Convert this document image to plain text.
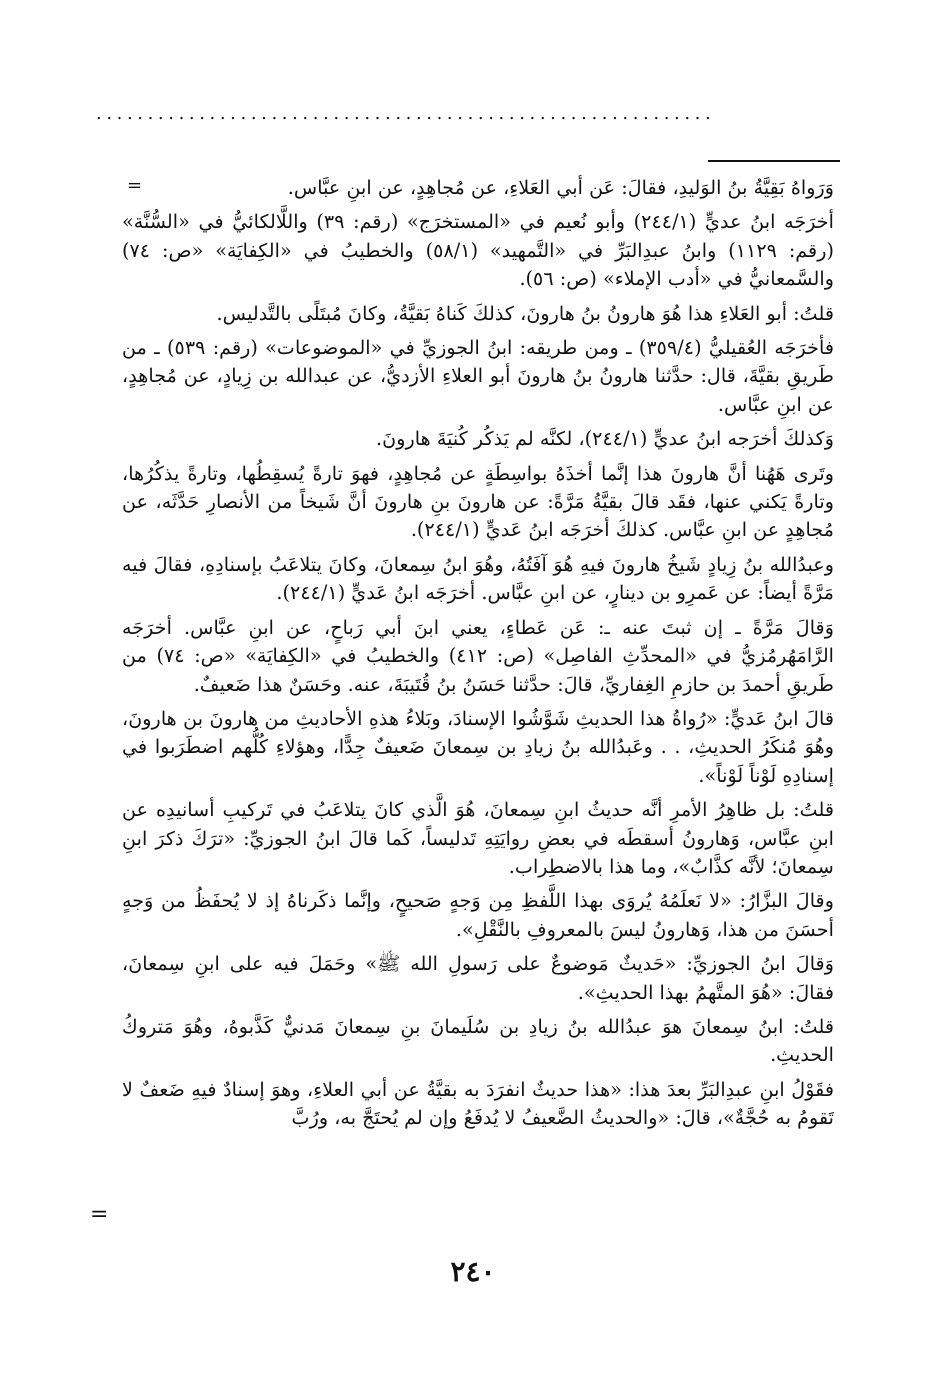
............................................................
=	وَرَواهُ بَقِيَّةُ بنُ الوَليدِ، فقالَ: عَن أبي العَلاءِ، عن مُجاهِدٍ، عن ابنِ عبَّاس.

أخرَجَه ابنُ عديٍّ (٢٤٤/١) وأبو نُعيم في «المستخرَج» (رقم: ٣٩) واللَّالكائيُّ في «السُّنَّة» (رقم: ١١٢٩) وابنُ عبدِالبَرِّ في «التَّمهيد» (٥٨/١) والخطيبُ في «الكِفايَة» «ص: ٧٤) والسَّمعانيُّ في «أدب الإملاء» (ص: ٥٦).

قلتُ: أبو العَلاءِ هذا هُوَ هارونُ بنُ هارونَ، كذلكَ كَناهُ بَقيَّةُ، وكانَ مُبتَلًى بالتَّدليس.

فأخرَجَه العُقيليُّ (٣٥٩/٤) ـ ومن طريقه: ابنُ الجوزيِّ في «الموضوعات» (رقم: ٥٣٩) ـ من طَريقِ بقيَّةَ، قال: حدَّثنا هارونُ بنُ هارونَ أبو العلاءِ الأزديُّ، عن عبدالله بن زِيادٍ، عن مُجاهِدٍ، عن ابنِ عبَّاس.

وَكذلكَ أخرَجه ابنُ عديٍّ (٢٤٤/١)، لكنَّه لم يَذكُر كُنيَةَ هارونَ.

وتَرى هَهُنا أنَّ هارونَ هذا إنَّما أخذَهُ بواسِطَةٍ عن مُجاهِدٍ، فهوَ تارةً يُسقِطُها، وتارةً يذكُرُها، وتارةً يَكني عنها، فقَد قالَ بقيَّةُ مَرَّةً: عن هارونَ بنِ هارونَ أنَّ شَيخاً من الأنصارِ حَدَّثَه، عن مُجاهِدٍ عن ابنِ عبَّاس. كذلكَ أخرَجَه ابنُ عَديٍّ (٢٤٤/١).

وعبدُالله بنُ زِيادٍ شَيخُ هارونَ فيهِ هُوَ آفَتُهُ، وهُوَ ابنُ سِمعانَ، وكانَ يتلاعَبُ بإسنادِهِ، فقالَ فيه مَرَّةً أيضاً: عن عَمرِو بن دينارٍ، عن ابنِ عبَّاس. أخرَجَه ابنُ عَديٍّ (٢٤٤/١).

وَقالَ مَرَّةً ـ إن ثبتَ عنه ـ: عَن عَطاءٍ، يعني ابنَ أبي رَباحٍ، عن ابنِ عبَّاس. أخرَجَه الرَّامَهُرمُزيُّ في «المحدِّثِ الفاصِل» (ص: ٤١٢) والخطيبُ في «الكِفايَة» «ص: ٧٤) من طَريقِ أحمدَ بن حازمِ الغِفاريِّ، قالَ: حدَّثنا حَسَنُ بنُ قُتَيبَةَ، عنه. وحَسَنٌ هذا ضَعيفٌ.

قالَ ابنُ عَديٍّ: «رُواةُ هذا الحديثِ شَوَّشُوا الإسنادَ، وبَلاءُ هذهِ الأحاديثِ من هارونَ بن هارونَ، وهُوَ مُنكَرُ الحديثِ، . . وعَبدُالله بنُ زيادِ بن سِمعانَ ضَعيفٌ جِدًّا، وهؤلاءِ كُلُّهم اضطَرَبوا في إسنادِهِ لَوْناً لَوْناً».

قلتُ: بل ظاهِرُ الأمرِ أنَّه حديثُ ابنِ سِمعانَ، هُوَ الَّذي كانَ يتلاعَبُ في تَركيبِ أسانيدِه عن ابنِ عبَّاس، وَهارونُ أسقطَه في بعضِ روايَتِهِ تَدليساً، كَما قالَ ابنُ الجوزيِّ: «ترَكَ ذكرَ ابنِ سِمعانَ؛ لأنَّه كذَّابٌ»، وما هذا بالاضطِراب.

وقالَ البزَّارُ: «لا نَعلَمُهُ يُروَى بهذا اللَّفظِ مِن وَجهٍ صَحيحٍ، وإنَّما ذكَرناهُ إذ لا يُحفَظُ من وَجهٍ أحسَنَ من هذا، وَهارونُ ليسَ بالمعروفِ بالنَّقْلِ».

وَقالَ ابنُ الجوزيِّ: «حَديثٌ مَوضوعٌ على رَسولِ الله ﷺ» وحَمَلَ فيه على ابنِ سِمعانَ، فقالَ: «هُوَ المتَّهمُ بهذا الحديثِ».

قلتُ: ابنُ سِمعانَ هوَ عبدُالله بنُ زيادِ بن سُلَيمانَ بنِ سِمعانَ مَدنيٌّ كَذَّبوهُ، وهُوَ مَتروكُ الحديثِ.

فقَوْلُ ابنِ عبدِالبَرِّ بعدَ هذا: «هذا حديثٌ انفرَدَ به بقيَّةُ عن أبي العلاءِ، وهوَ إسنادٌ فيهِ ضَعفٌ لا تَقومُ به حُجَّةٌ»، قالَ: «والحديثُ الضَّعيفُ لا يُدفَعُ وإن لم يُحتَجَّ به، ورُبَّ

=
٢٤٠
